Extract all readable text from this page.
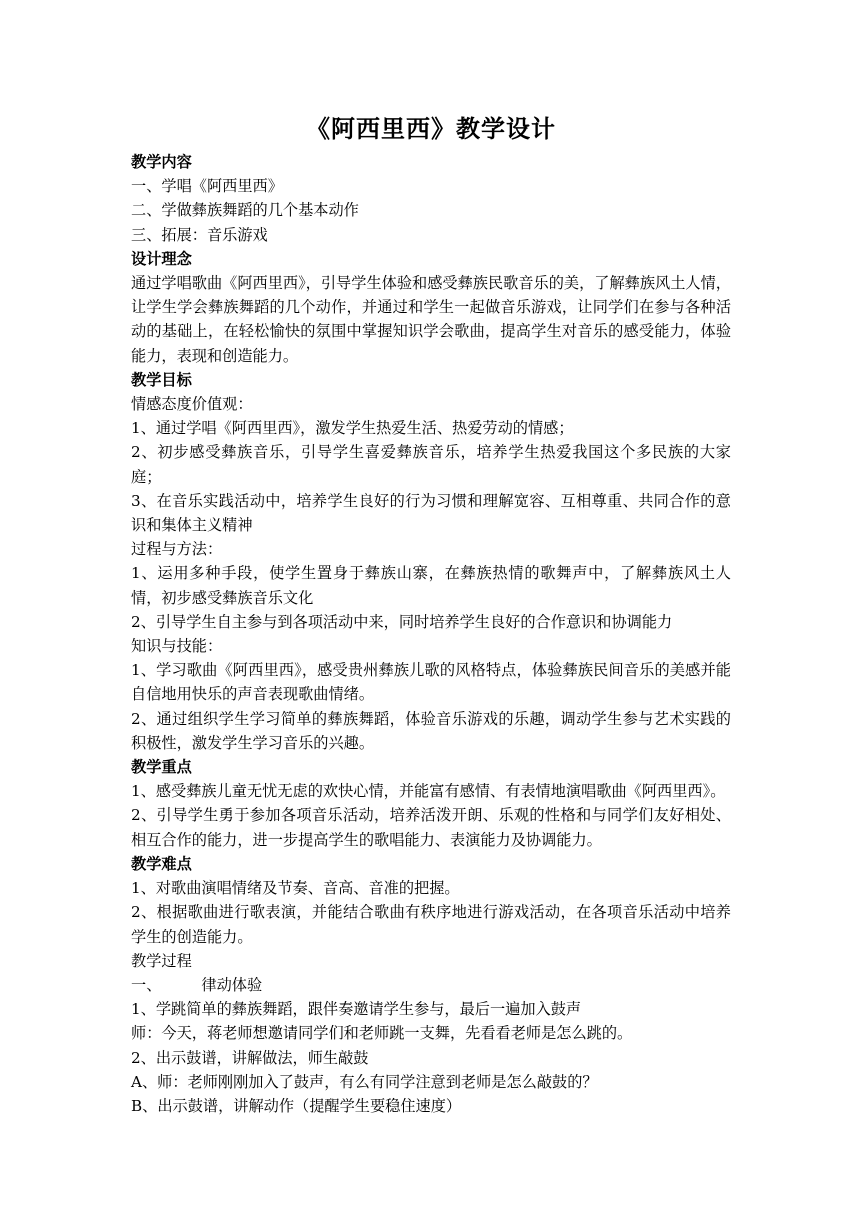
《阿西里西》教学设计
教学内容
一、学唱《阿西里西》
二、学做彝族舞蹈的几个基本动作
三、拓展：音乐游戏
设计理念
通过学唱歌曲《阿西里西》，引导学生体验和感受彝族民歌音乐的美，了解彝族风土人情，让学生学会彝族舞蹈的几个动作，并通过和学生一起做音乐游戏，让同学们在参与各种活动的基础上，在轻松愉快的氛围中掌握知识学会歌曲，提高学生对音乐的感受能力，体验能力，表现和创造能力。
教学目标
情感态度价值观：
1、通过学唱《阿西里西》，激发学生热爱生活、热爱劳动的情感；
2、初步感受彝族音乐，引导学生喜爱彝族音乐，培养学生热爱我国这个多民族的大家庭；
3、在音乐实践活动中，培养学生良好的行为习惯和理解宽容、互相尊重、共同合作的意识和集体主义精神
过程与方法：
1、运用多种手段，使学生置身于彝族山寨，在彝族热情的歌舞声中，了解彝族风土人情，初步感受彝族音乐文化
2、引导学生自主参与到各项活动中来，同时培养学生良好的合作意识和协调能力
知识与技能：
1、学习歌曲《阿西里西》，感受贵州彝族儿歌的风格特点，体验彝族民间音乐的美感并能自信地用快乐的声音表现歌曲情绪。
2、通过组织学生学习简单的彝族舞蹈，体验音乐游戏的乐趣，调动学生参与艺术实践的积极性，激发学生学习音乐的兴趣。
教学重点
1、感受彝族儿童无忧无虑的欢快心情，并能富有感情、有表情地演唱歌曲《阿西里西》。
2、引导学生勇于参加各项音乐活动，培养活泼开朗、乐观的性格和与同学们友好相处、相互合作的能力，进一步提高学生的歌唱能力、表演能力及协调能力。
教学难点
1、对歌曲演唱情绪及节奏、音高、音准的把握。
2、根据歌曲进行歌表演，并能结合歌曲有秩序地进行游戏活动，在各项音乐活动中培养学生的创造能力。
教学过程
一、	律动体验
1、学跳简单的彝族舞蹈，跟伴奏邀请学生参与，最后一遍加入鼓声
师：今天，蒋老师想邀请同学们和老师跳一支舞，先看看老师是怎么跳的。
2、出示鼓谱，讲解做法，师生敲鼓
A、师：老师刚刚加入了鼓声，有么有同学注意到老师是怎么敲鼓的？
B、出示鼓谱，讲解动作（提醒学生要稳住速度）
